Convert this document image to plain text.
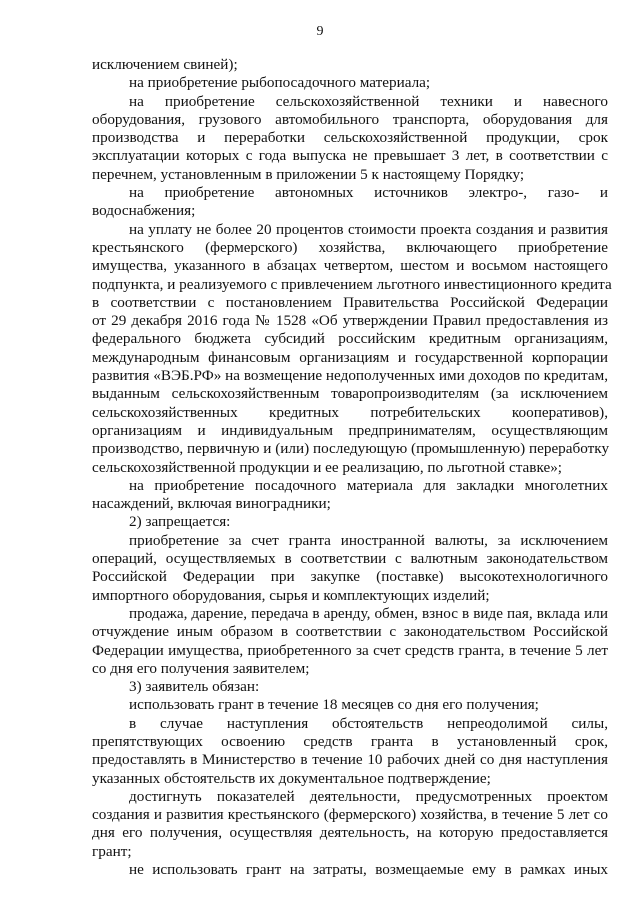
9
исключением свиней);
на приобретение рыбопосадочного материала;
на приобретение сельскохозяйственной техники и навесного
оборудования, грузового автомобильного транспорта, оборудования для
производства и переработки сельскохозяйственной продукции, срок
эксплуатации которых с года выпуска не превышает 3 лет, в соответствии с
перечнем, установленным в приложении 5 к настоящему Порядку;
на приобретение автономных источников электро-, газо- и
водоснабжения;
на уплату не более 20 процентов стоимости проекта создания и развития
крестьянского (фермерского) хозяйства, включающего приобретение
имущества, указанного в абзацах четвертом, шестом и восьмом настоящего
подпункта, и реализуемого с привлечением льготного инвестиционного кредита
в соответствии с постановлением Правительства Российской Федерации
от 29 декабря 2016 года № 1528 «Об утверждении Правил предоставления из
федерального бюджета субсидий российским кредитным организациям,
международным финансовым организациям и государственной корпорации
развития «ВЭБ.РФ» на возмещение недополученных ими доходов по кредитам,
выданным сельскохозяйственным товаропроизводителям (за исключением
сельскохозяйственных кредитных потребительских кооперативов),
организациям и индивидуальным предпринимателям, осуществляющим
производство, первичную и (или) последующую (промышленную) переработку
сельскохозяйственной продукции и ее реализацию, по льготной ставке»;
на приобретение посадочного материала для закладки многолетних
насаждений, включая виноградники;
2) запрещается:
приобретение за счет гранта иностранной валюты, за исключением
операций, осуществляемых в соответствии с валютным законодательством
Российской Федерации при закупке (поставке) высокотехнологичного
импортного оборудования, сырья и комплектующих изделий;
продажа, дарение, передача в аренду, обмен, взнос в виде пая, вклада или
отчуждение иным образом в соответствии с законодательством Российской
Федерации имущества, приобретенного за счет средств гранта, в течение 5 лет
со дня его получения заявителем;
3) заявитель обязан:
использовать грант в течение 18 месяцев со дня его получения;
в случае наступления обстоятельств непреодолимой силы,
препятствующих освоению средств гранта в установленный срок,
предоставлять в Министерство в течение 10 рабочих дней со дня наступления
указанных обстоятельств их документальное подтверждение;
достигнуть показателей деятельности, предусмотренных проектом
создания и развития крестьянского (фермерского) хозяйства, в течение 5 лет со
дня его получения, осуществляя деятельность, на которую предоставляется
грант;
не использовать грант на затраты, возмещаемые ему в рамках иных
